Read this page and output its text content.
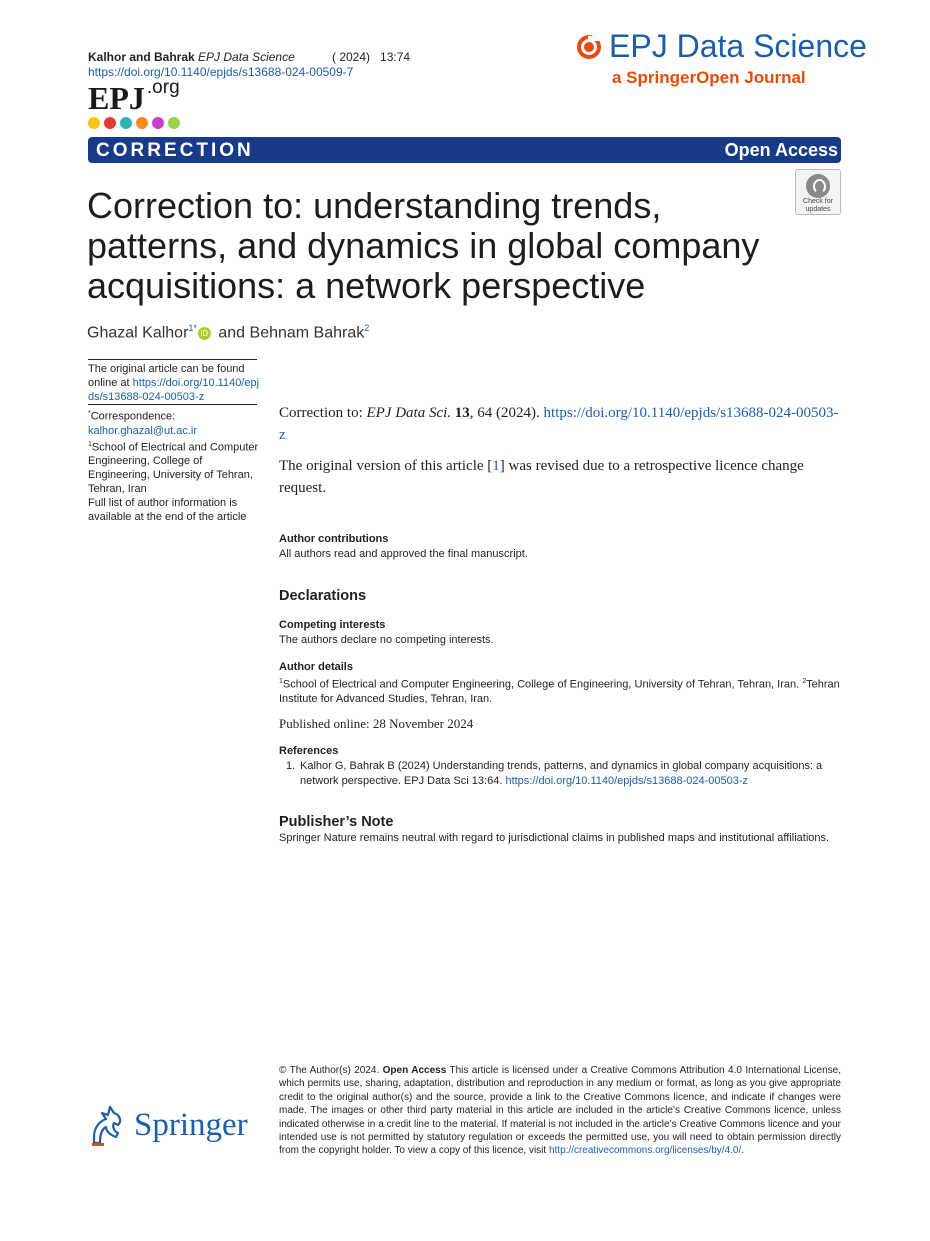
Kalhor and Bahrak EPJ Data Science	( 2024) 13:74
https://doi.org/10.1140/epjds/s13688-024-00509-7
EPJ $^{.org}$
EPJ Data Science
a SpringerOpen Journal
CORRECTION	Open Access
Check for
updates
Correction to: understanding trends, patterns, and dynamics in global company acquisitions: a network perspective
Ghazal Kalhor$^{1*}$iD and Behnam Bahrak$^2$
The original article can be found online at https://doi.org/10.1140/epjds/s13688-024-00503-z
*Correspondence:
kalhor.ghazal@ut.ac.ir
$^1$School of Electrical and Computer Engineering, College of Engineering, University of Tehran, Tehran, Iran
Full list of author information is available at the end of the article
Correction to: EPJ Data Sci. 13, 64 (2024). https://doi.org/10.1140/epjds/s13688-024-00503-z
The original version of this article [1] was revised due to a retrospective licence change request.
Author contributions
All authors read and approved the final manuscript.
Declarations
Competing interests
The authors declare no competing interests.
Author details
$^1$School of Electrical and Computer Engineering, College of Engineering, University of Tehran, Tehran, Iran. $^2$Tehran Institute for Advanced Studies, Tehran, Iran.
Published online: 28 November 2024
References
1. Kalhor G, Bahrak B (2024) Understanding trends, patterns, and dynamics in global company acquisitions: a network perspective. EPJ Data Sci 13:64. https://doi.org/10.1140/epjds/s13688-024-00503-z
Publisher’s Note
Springer Nature remains neutral with regard to jurisdictional claims in published maps and institutional affiliations.
© The Author(s) 2024. Open Access This article is licensed under a Creative Commons Attribution 4.0 International License, which permits use, sharing, adaptation, distribution and reproduction in any medium or format, as long as you give appropriate credit to the original author(s) and the source, provide a link to the Creative Commons licence, and indicate if changes were made. The images or other third party material in this article are included in the article’s Creative Commons licence, unless indicated otherwise in a credit line to the material. If material is not included in the article’s Creative Commons licence and your intended use is not permitted by statutory regulation or exceeds the permitted use, you will need to obtain permission directly from the copyright holder. To view a copy of this licence, visit http://creativecommons.org/licenses/by/4.0/.
Springer
